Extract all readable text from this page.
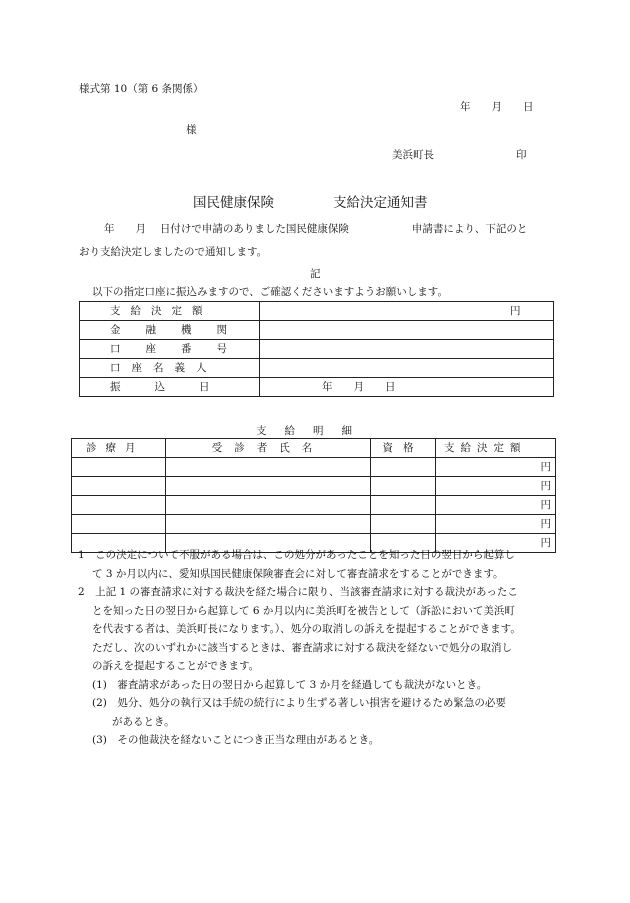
様式第 10（第 6 条関係）
年　　月　　日
様
美浜町長	印
国民健康保険	支給決定通知書
年　　月　 日付けで申請のありました国民健康保険　　　　　　申請書により、下記のと
おり支給決定しましたので通知します。
記
以下の指定口座に振込みますので、ご確認くださいますようお願いします。
支給決定額	円
金融機関	
口座番号	
口座名義人	
振込日	年　　月　　日
支給明細
診療月	受診者氏名	資格	支給決定額
			円
			円
			円
			円
			円

1　この決定について不服がある場合は、この処分があったことを知った日の翌日から起算し

て 3 か月以内に、愛知県国民健康保険審査会に対して審査請求をすることができます。

2　上記 1 の審査請求に対する裁決を経た場合に限り、当該審査請求に対する裁決があったこ

とを知った日の翌日から起算して 6 か月以内に美浜町を被告として（訴訟において美浜町

を代表する者は、美浜町長になります。）、処分の取消しの訴えを提起することができます。

ただし、次のいずれかに該当するときは、審査請求に対する裁決を経ないで処分の取消し

の訴えを提起することができます。

(1)　審査請求があった日の翌日から起算して 3 か月を経過しても裁決がないとき。

(2)　処分、処分の執行又は手続の続行により生ずる著しい損害を避けるため緊急の必要

があるとき。

(3)　その他裁決を経ないことにつき正当な理由があるとき。
